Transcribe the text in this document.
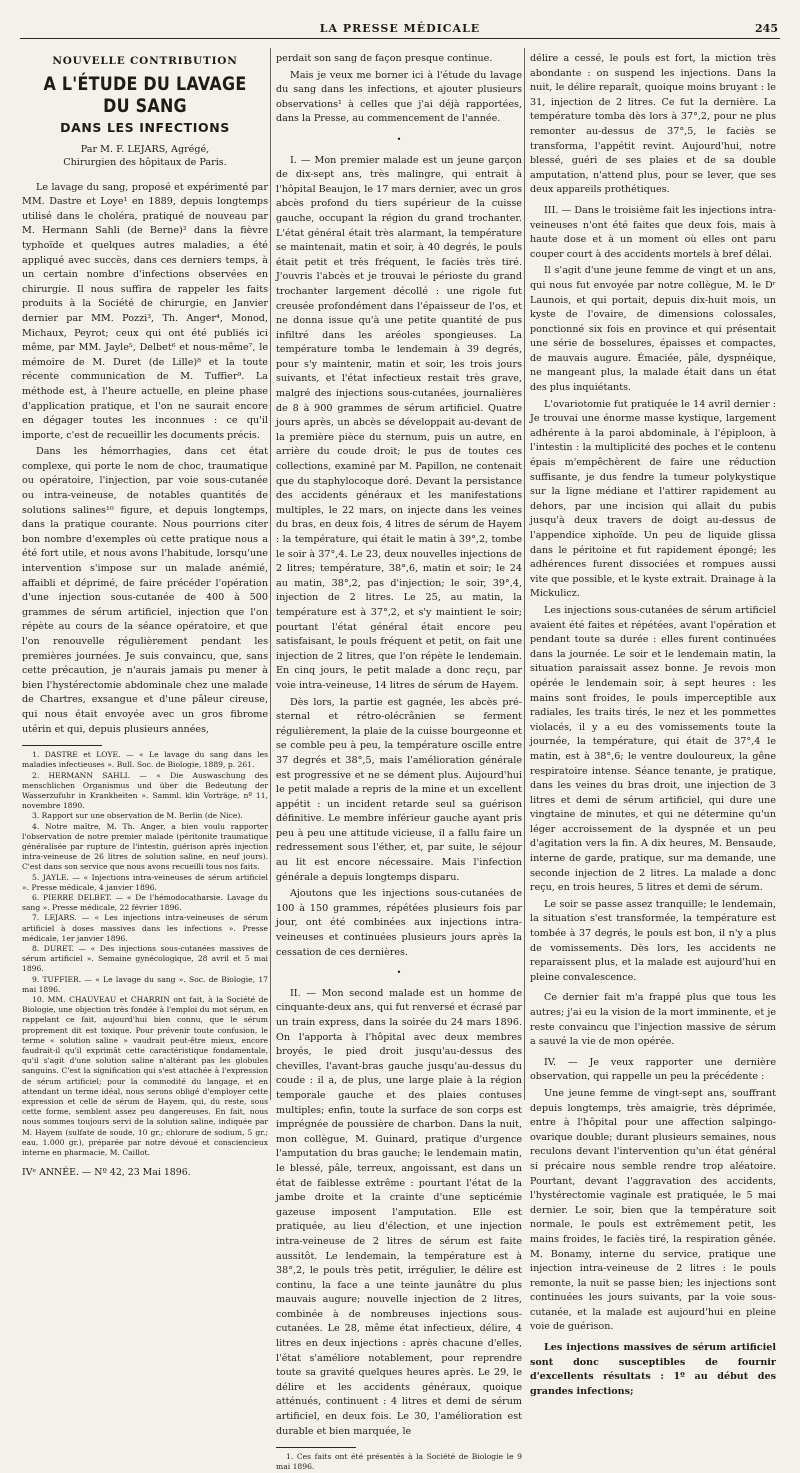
LA PRESSE MÉDICALE	245
NOUVELLE CONTRIBUTION
A L'ÉTUDE DU LAVAGE DU SANG
DANS LES INFECTIONS
Par M. F. LEJARS, Agrégé,
Chirurgien des hôpitaux de Paris.

Le lavage du sang, proposé et expérimenté par MM. Dastre et Loye¹ en 1889, depuis longtemps utilisé dans le choléra, pratiqué de nouveau par M. Hermann Sahli (de Berne)² dans la fièvre typhoïde et quelques autres maladies, a été appliqué avec succès, dans ces derniers temps, à un certain nombre d'infections observées en chirurgie. Il nous suffira de rappeler les faits produits à la Société de chirurgie, en Janvier dernier par MM. Pozzi³, Th. Anger⁴, Monod, Michaux, Peyrot; ceux qui ont été publiés ici même, par MM. Jayle⁵, Delbet⁶ et nous-même⁷, le mémoire de M. Duret (de Lille)⁸ et la toute récente communication de M. Tuffier⁹. La méthode est, à l'heure actuelle, en pleine phase d'application pratique, et l'on ne saurait encore en dégager toutes les inconnues : ce qu'il importe, c'est de recueillir les documents précis.

Dans les hémorrhagies, dans cet état complexe, qui porte le nom de choc, traumatique ou opératoire, l'injection, par voie sous-cutanée ou intra-veineuse, de notables quantités de solutions salines¹⁰ figure, et depuis longtemps, dans la pratique courante. Nous pourrions citer bon nombre d'exemples où cette pratique nous a été fort utile, et nous avons l'habitude, lorsqu'une intervention s'impose sur un malade anémié, affaibli et déprimé, de faire précéder l'opération d'une injection sous-cutanée de 400 à 500 grammes de sérum artificiel, injection que l'on répète au cours de la séance opératoire, et que l'on renouvelle régulièrement pendant les premières journées. Je suis convaincu, que, sans cette précaution, je n'aurais jamais pu mener à bien l'hystérectomie abdominale chez une malade de Chartres, exsangue et d'une pâleur cireuse, qui nous était envoyée avec un gros fibrome utérin et qui, depuis plusieurs années,

1. DASTRE et LOYE. — « Le lavage du sang dans les maladies infectieuses ». Bull. Soc. de Biologie, 1889, p. 261.

2. HERMANN SAHLI. — « Die Auswaschung des menschlichen Organismus und über die Bedeutung der Wasserzufuhr in Krankheiten ». Samml. klin Vorträge, nº 11, novembre 1890.

3. Rapport sur une observation de M. Berlin (de Nice).

4. Notre maître, M. Th. Anger, a bien voulu rapporter l'observation de notre premier malade (péritonite traumatique généralisée par rupture de l'intestin, guérison après injection intra-veineuse de 26 litres de solution saline, en neuf jours). C'est dans son service que nous avons recueilli tous nos faits.

5. JAYLE. — « Injections intra-veineuses de sérum artificiel ». Presse médicale, 4 janvier 1896.

6. PIERRE DELBET. — « De l'hémodocatharsie. Lavage du sang ». Presse médicale, 22 février 1896.

7. LEJARS. — « Les injections intra-veineuses de sérum artificiel à doses massives dans les infections ». Presse médicale, 1er janvier 1896.

8. DURET. — « Des injections sous-cutanées massives de sérum artificiel ». Semaine gynécologique, 28 avril et 5 mai 1896.

9. TUFFIER. — « Le lavage du sang ». Soc. de Biologie, 17 mai 1896.

10. MM. CHAUVEAU et CHARRIN ont fait, à la Société de Biologie, une objection très fondée à l'emploi du mot sérum, en rappelant ce fait, aujourd'hui bien connu, que le sérum proprement dit est toxique. Pour prévenir toute confusion, le terme « solution saline » vaudrait peut-être mieux, encore faudrait-il qu'il exprimât cette caractéristique fondamentale, qu'il s'agit d'une solution saline n'altérant pas les globules sanguins. C'est la signification qui s'est attachée à l'expression de sérum artificiel; pour la commodité du langage, et en attendant un terme idéal, nous serons obligé d'employer cette expression et celle de sérum de Hayem, qui, du reste, sous cette forme, semblent assez peu dangereuses. En fait, nous nous sommes toujours servi de la solution saline, indiquée par M. Hayem (sulfate de soude, 10 gr.; chlorure de sodium, 5 gr.; eau, 1.000 gr.), préparée par notre dévoué et consciencieux interne en pharmacie, M. Caillot.

IVᵉ ANNÉE. — Nº 42, 23 Mai 1896.

perdait son sang de façon presque continue.

Mais je veux me borner ici à l'étude du lavage du sang dans les infections, et ajouter plusieurs observations¹ à celles que j'ai déjà rapportées, dans la Presse, au commencement de l'année.

•

I. — Mon premier malade est un jeune garçon de dix-sept ans, très malingre, qui entrait à l'hôpital Beaujon, le 17 mars dernier, avec un gros abcès profond du tiers supérieur de la cuisse gauche, occupant la région du grand trochanter. L'état général était très alarmant, la température se maintenait, matin et soir, à 40 degrés, le pouls était petit et très fréquent, le faciès très tiré. J'ouvris l'abcès et je trouvai le périoste du grand trochanter largement décollé : une rigole fut creusée profondément dans l'épaisseur de l'os, et ne donna issue qu'à une petite quantité de pus infiltré dans les aréoles spongieuses. La température tomba le lendemain à 39 degrés, pour s'y maintenir, matin et soir, les trois jours suivants, et l'état infectieux restait très grave, malgré des injections sous-cutanées, journalières de 8 à 900 grammes de sérum artificiel. Quatre jours après, un abcès se développait au-devant de la première pièce du sternum, puis un autre, en arrière du coude droit; le pus de toutes ces collections, examiné par M. Papillon, ne contenait que du staphylocoque doré. Devant la persistance des accidents généraux et les manifestations multiples, le 22 mars, on injecte dans les veines du bras, en deux fois, 4 litres de sérum de Hayem : la température, qui était le matin à 39°,2, tombe le soir à 37°,4. Le 23, deux nouvelles injections de 2 litres; température, 38°,6, matin et soir; le 24 au matin, 38°,2, pas d'injection; le soir, 39°,4, injection de 2 litres. Le 25, au matin, la température est à 37°,2, et s'y maintient le soir; pourtant l'état général était encore peu satisfaisant, le pouls fréquent et petit, on fait une injection de 2 litres, que l'on répète le lendemain. En cinq jours, le petit malade a donc reçu, par voie intra-veineuse, 14 litres de sérum de Hayem.

Dès lors, la partie est gagnée, les abcès pré-sternal et rétro-olécrânien se ferment régulièrement, la plaie de la cuisse bourgeonne et se comble peu à peu, la température oscille entre 37 degrés et 38°,5, mais l'amélioration générale est progressive et ne se dément plus. Aujourd'hui le petit malade a repris de la mine et un excellent appétit : un incident retarde seul sa guérison définitive. Le membre inférieur gauche ayant pris peu à peu une attitude vicieuse, il a fallu faire un redressement sous l'éther, et, par suite, le séjour au lit est encore nécessaire. Mais l'infection générale a depuis longtemps disparu.

Ajoutons que les injections sous-cutanées de 100 à 150 grammes, répétées plusieurs fois par jour, ont été combinées aux injections intra-veineuses et continuées plusieurs jours après la cessation de ces dernières.

•

II. — Mon second malade est un homme de cinquante-deux ans, qui fut renversé et écrasé par un train express, dans la soirée du 24 mars 1896. On l'apporta à l'hôpital avec deux membres broyés, le pied droit jusqu'au-dessus des chevilles, l'avant-bras gauche jusqu'au-dessus du coude : il a, de plus, une large plaie à la région temporale gauche et des plaies contuses multiples; enfin, toute la surface de son corps est imprégnée de poussière de charbon. Dans la nuit, mon collègue, M. Guinard, pratique d'urgence l'amputation du bras gauche; le lendemain matin, le blessé, pâle, terreux, angoissant, est dans un état de faiblesse extrême : pourtant l'état de la jambe droite et la crainte d'une septicémie gazeuse imposent l'amputation. Elle est pratiquée, au lieu d'élection, et une injection intra-veineuse de 2 litres de sérum est faite aussitôt. Le lendemain, la température est à 38°,2, le pouls très petit, irrégulier, le délire est continu, la face a une teinte jaunâtre du plus mauvais augure; nouvelle injection de 2 litres, combinée à de nombreuses injections sous-cutanées. Le 28, même état infectieux, délire, 4 litres en deux injections : après chacune d'elles, l'état s'améliore notablement, pour reprendre toute sa gravité quelques heures après. Le 29, le délire et les accidents généraux, quoique atténués, continuent : 4 litres et demi de sérum artificiel, en deux fois. Le 30, l'amélioration est durable et bien marquée, le

1. Ces faits ont été présentés à la Société de Biologie le 9 mai 1896.

délire a cessé, le pouls est fort, la miction très abondante : on suspend les injections. Dans la nuit, le délire reparaît, quoique moins bruyant : le 31, injection de 2 litres. Ce fut la dernière. La température tomba dès lors à 37°,2, pour ne plus remonter au-dessus de 37°,5, le faciès se transforma, l'appétit revint. Aujourd'hui, notre blessé, guéri de ses plaies et de sa double amputation, n'attend plus, pour se lever, que ses deux appareils prothétiques.

III. — Dans le troisième fait les injections intra-veineuses n'ont été faites que deux fois, mais à haute dose et à un moment où elles ont paru couper court à des accidents mortels à bref délai.

Il s'agit d'une jeune femme de vingt et un ans, qui nous fut envoyée par notre collègue, M. le Dʳ Launois, et qui portait, depuis dix-huit mois, un kyste de l'ovaire, de dimensions colossales, ponctionné six fois en province et qui présentait une série de bosselures, épaisses et compactes, de mauvais augure. Émaciée, pâle, dyspnéique, ne mangeant plus, la malade était dans un état des plus inquiétants.

L'ovariotomie fut pratiquée le 14 avril dernier : Je trouvai une énorme masse kystique, largement adhérente à la paroi abdominale, à l'épiploon, à l'intestin : la multiplicité des poches et le contenu épais m'empêchèrent de faire une réduction suffisante, je dus fendre la tumeur polykystique sur la ligne médiane et l'attirer rapidement au dehors, par une incision qui allait du pubis jusqu'à deux travers de doigt au-dessus de l'appendice xiphoïde. Un peu de liquide glissa dans le péritoine et fut rapidement épongé; les adhérences furent dissociées et rompues aussi vite que possible, et le kyste extrait. Drainage à la Mickulicz.

Les injections sous-cutanées de sérum artificiel avaient été faites et répétées, avant l'opération et pendant toute sa durée : elles furent continuées dans la journée. Le soir et le lendemain matin, la situation paraissait assez bonne. Je revois mon opérée le lendemain soir, à sept heures : les mains sont froides, le pouls imperceptible aux radiales, les traits tirés, le nez et les pommettes violacés, il y a eu des vomissements toute la journée, la température, qui était de 37°,4 le matin, est à 38°,6; le ventre douloureux, la gêne respiratoire intense. Séance tenante, je pratique, dans les veines du bras droit, une injection de 3 litres et demi de sérum artificiel, qui dure une vingtaine de minutes, et qui ne détermine qu'un léger accroissement de la dyspnée et un peu d'agitation vers la fin. A dix heures, M. Bensaude, interne de garde, pratique, sur ma demande, une seconde injection de 2 litres. La malade a donc reçu, en trois heures, 5 litres et demi de sérum.

Le soir se passe assez tranquille; le lendemain, la situation s'est transformée, la température est tombée à 37 degrés, le pouls est bon, il n'y a plus de vomissements. Dès lors, les accidents ne reparaissent plus, et la malade est aujourd'hui en pleine convalescence.

Ce dernier fait m'a frappé plus que tous les autres; j'ai eu la vision de la mort imminente, et je reste convaincu que l'injection massive de sérum a sauvé la vie de mon opérée.

IV. — Je veux rapporter une dernière observation, qui rappelle un peu la précédente :

Une jeune femme de vingt-sept ans, souffrant depuis longtemps, très amaigrie, très déprimée, entre à l'hôpital pour une affection salpingo-ovarique double; durant plusieurs semaines, nous reculons devant l'intervention qu'un état général si précaire nous semble rendre trop aléatoire. Pourtant, devant l'aggravation des accidents, l'hystérectomie vaginale est pratiquée, le 5 mai dernier. Le soir, bien que la température soit normale, le pouls est extrêmement petit, les mains froides, le faciès tiré, la respiration gênée. M. Bonamy, interne du service, pratique une injection intra-veineuse de 2 litres : le pouls remonte, la nuit se passe bien; les injections sont continuées les jours suivants, par la voie sous-cutanée, et la malade est aujourd'hui en pleine voie de guérison.

Les injections massives de sérum artificiel sont donc susceptibles de fournir d'excellents résultats : 1º au début des grandes infections;
